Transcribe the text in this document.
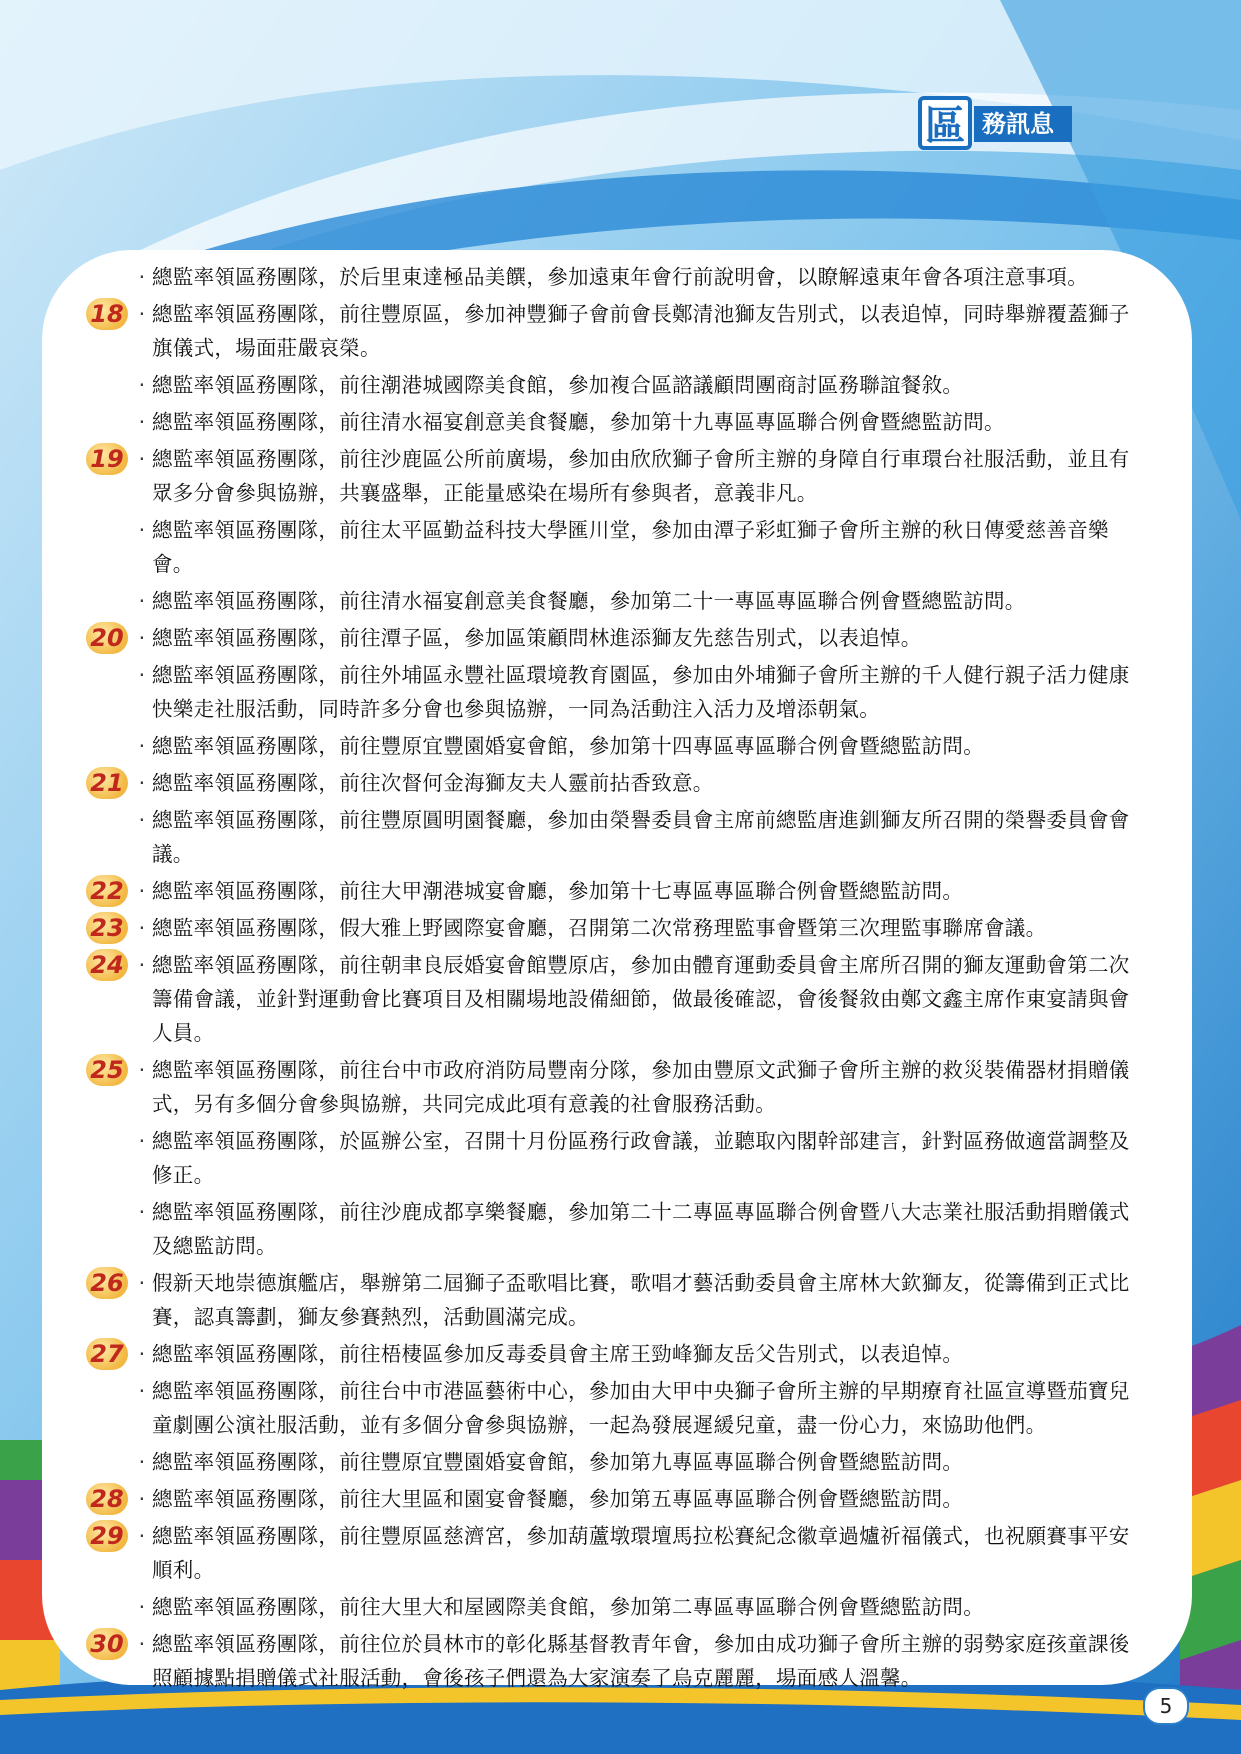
區 務訊息
· 總監率領區務團隊，於后里東達極品美饌，參加遠東年會行前說明會，以瞭解遠東年會各項注意事項。
18 · 總監率領區務團隊，前往豐原區，參加神豐獅子會前會長鄭清池獅友告別式，以表追悼，同時舉辦覆蓋獅子旗儀式，場面莊嚴哀榮。
· 總監率領區務團隊，前往潮港城國際美食館，參加複合區諮議顧問團商討區務聯誼餐敘。
· 總監率領區務團隊，前往清水福宴創意美食餐廳，參加第十九專區專區聯合例會暨總監訪問。
19 · 總監率領區務團隊，前往沙鹿區公所前廣場，參加由欣欣獅子會所主辦的身障自行車環台社服活動，並且有眾多分會參與協辦，共襄盛舉，正能量感染在場所有參與者，意義非凡。
· 總監率領區務團隊，前往太平區勤益科技大學匯川堂，參加由潭子彩虹獅子會所主辦的秋日傳愛慈善音樂會。
· 總監率領區務團隊，前往清水福宴創意美食餐廳，參加第二十一專區專區聯合例會暨總監訪問。
20 · 總監率領區務團隊，前往潭子區，參加區策顧問林進添獅友先慈告別式，以表追悼。
· 總監率領區務團隊，前往外埔區永豐社區環境教育園區，參加由外埔獅子會所主辦的千人健行親子活力健康快樂走社服活動，同時許多分會也參與協辦，一同為活動注入活力及增添朝氣。
· 總監率領區務團隊，前往豐原宜豐園婚宴會館，參加第十四專區專區聯合例會暨總監訪問。
21 · 總監率領區務團隊，前往次督何金海獅友夫人靈前拈香致意。
· 總監率領區務團隊，前往豐原圓明園餐廳，參加由榮譽委員會主席前總監唐進釧獅友所召開的榮譽委員會會議。
22 · 總監率領區務團隊，前往大甲潮港城宴會廳，參加第十七專區專區聯合例會暨總監訪問。
23 · 總監率領區務團隊，假大雅上野國際宴會廳，召開第二次常務理監事會暨第三次理監事聯席會議。
24 · 總監率領區務團隊，前往朝聿良辰婚宴會館豐原店，參加由體育運動委員會主席所召開的獅友運動會第二次籌備會議，並針對運動會比賽項目及相關場地設備細節，做最後確認，會後餐敘由鄭文鑫主席作東宴請與會人員。
25 · 總監率領區務團隊，前往台中市政府消防局豐南分隊，參加由豐原文武獅子會所主辦的救災裝備器材捐贈儀式，另有多個分會參與協辦，共同完成此項有意義的社會服務活動。
· 總監率領區務團隊，於區辦公室，召開十月份區務行政會議，並聽取內閣幹部建言，針對區務做適當調整及修正。
· 總監率領區務團隊，前往沙鹿成都享樂餐廳，參加第二十二專區專區聯合例會暨八大志業社服活動捐贈儀式及總監訪問。
26 · 假新天地崇德旗艦店，舉辦第二屆獅子盃歌唱比賽，歌唱才藝活動委員會主席林大欽獅友，從籌備到正式比賽，認真籌劃，獅友參賽熱烈，活動圓滿完成。
27 · 總監率領區務團隊，前往梧棲區參加反毒委員會主席王勁峰獅友岳父告別式，以表追悼。
· 總監率領區務團隊，前往台中市港區藝術中心，參加由大甲中央獅子會所主辦的早期療育社區宣導暨茄寶兒童劇團公演社服活動，並有多個分會參與協辦，一起為發展遲緩兒童，盡一份心力，來協助他們。
· 總監率領區務團隊，前往豐原宜豐園婚宴會館，參加第九專區專區聯合例會暨總監訪問。
28 · 總監率領區務團隊，前往大里區和園宴會餐廳，參加第五專區專區聯合例會暨總監訪問。
29 · 總監率領區務團隊，前往豐原區慈濟宮，參加葫蘆墩環壇馬拉松賽紀念徽章過爐祈福儀式，也祝願賽事平安順利。
· 總監率領區務團隊，前往大里大和屋國際美食館，參加第二專區專區聯合例會暨總監訪問。
30 · 總監率領區務團隊，前往位於員林市的彰化縣基督教青年會，參加由成功獅子會所主辦的弱勢家庭孩童課後照顧據點捐贈儀式社服活動，會後孩子們還為大家演奏了烏克麗麗，場面感人溫馨。
5
